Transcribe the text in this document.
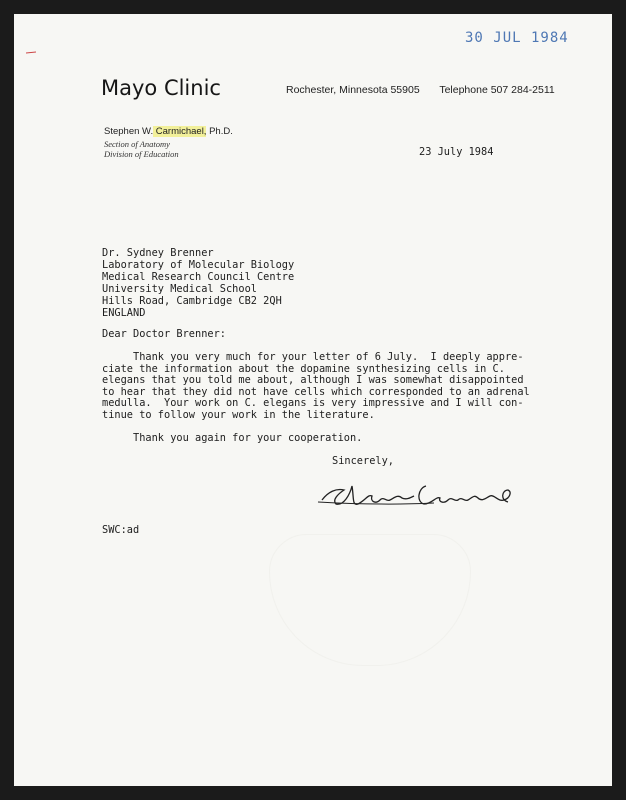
30 JUL 1984
Mayo Clinic	Rochester, Minnesota 55905 Telephone 507 284-2511
Stephen W. Carmichael, Ph.D.
Section of Anatomy
Division of Education	23 July 1984
Dr. Sydney Brenner
Laboratory of Molecular Biology
Medical Research Council Centre
University Medical School
Hills Road, Cambridge CB2 2QH
ENGLAND
Dear Doctor Brenner:
Thank you very much for your letter of 6 July.  I deeply appre-
ciate the information about the dopamine synthesizing cells in C.
elegans that you told me about, although I was somewhat disappointed
to hear that they did not have cells which corresponded to an adrenal
medulla.  Your work on C. elegans is very impressive and I will con-
tinue to follow your work in the literature.
Thank you again for your cooperation.
Sincerely,
SWC:ad
